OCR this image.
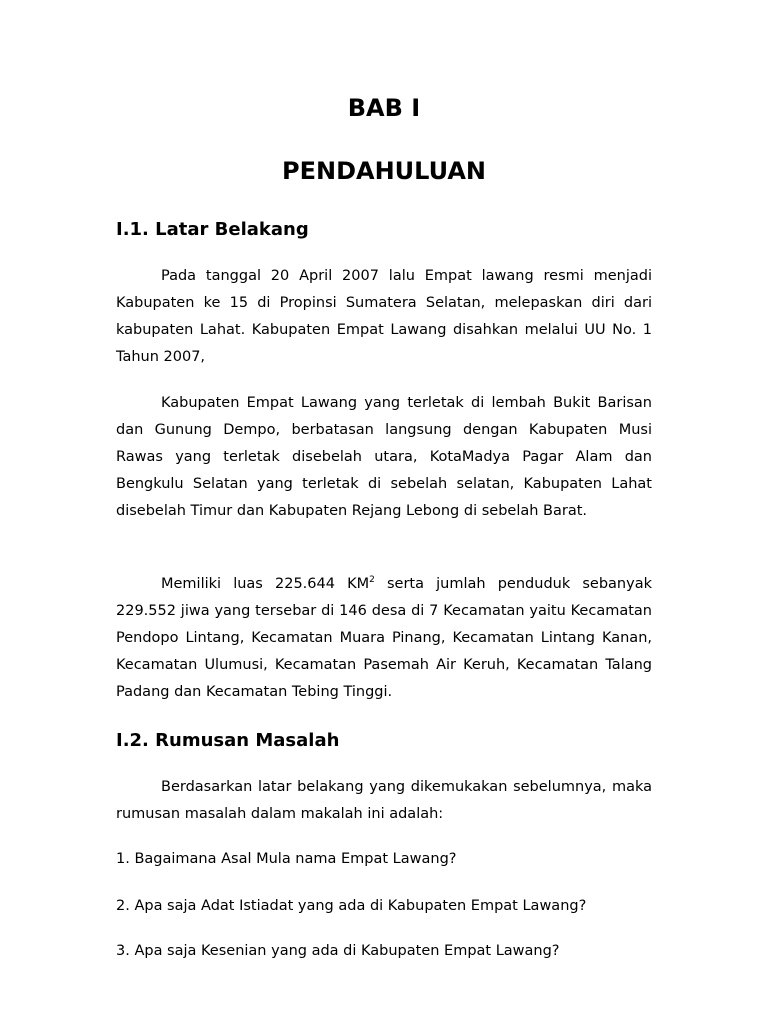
BAB I
PENDAHULUAN
I.1. Latar Belakang

Pada tanggal 20 April 2007 lalu Empat lawang resmi menjadi Kabupaten ke 15 di Propinsi Sumatera Selatan, melepaskan diri dari kabupaten Lahat. Kabupaten Empat Lawang disahkan melalui UU No. 1 Tahun 2007,

Kabupaten Empat Lawang yang terletak di lembah Bukit Barisan dan Gunung Dempo, berbatasan langsung dengan Kabupaten Musi Rawas yang terletak disebelah utara, KotaMadya Pagar Alam dan Bengkulu Selatan yang terletak di sebelah selatan, Kabupaten Lahat disebelah Timur dan Kabupaten Rejang Lebong di sebelah Barat.

Memiliki luas 225.644 $KM^2$ serta jumlah penduduk sebanyak 229.552 jiwa yang tersebar di 146 desa di 7 Kecamatan yaitu Kecamatan Pendopo Lintang, Kecamatan Muara Pinang, Kecamatan Lintang Kanan, Kecamatan Ulumusi, Kecamatan Pasemah Air Keruh, Kecamatan Talang Padang dan Kecamatan Tebing Tinggi.

I.2. Rumusan Masalah

Berdasarkan latar belakang yang dikemukakan sebelumnya, maka rumusan masalah dalam makalah ini adalah:

1. Bagaimana Asal Mula nama Empat Lawang?

2. Apa saja Adat Istiadat yang ada di Kabupaten Empat Lawang?

3. Apa saja Kesenian yang ada di Kabupaten Empat Lawang?
